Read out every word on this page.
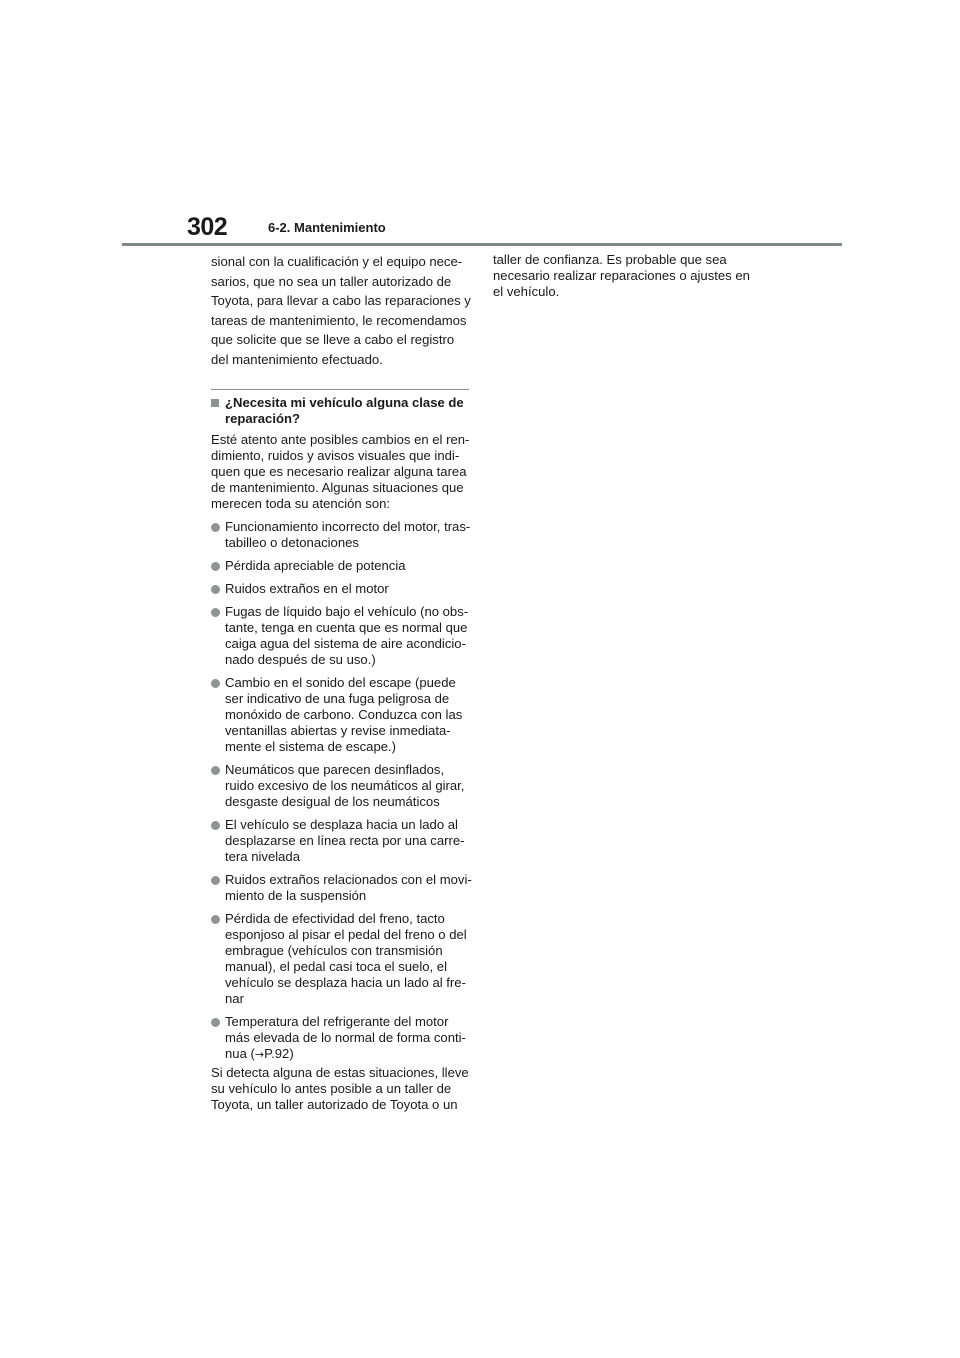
302	6-2. Mantenimiento
sional con la cualificación y el equipo nece-
sarios, que no sea un taller autorizado de
Toyota, para llevar a cabo las reparaciones y
tareas de mantenimiento, le recomendamos
que solicite que se lleve a cabo el registro
del mantenimiento efectuado.
¿Necesita mi vehículo alguna clase de
reparación?
Esté atento ante posibles cambios en el ren-
dimiento, ruidos y avisos visuales que indi-
quen que es necesario realizar alguna tarea
de mantenimiento. Algunas situaciones que
merecen toda su atención son:
Funcionamiento incorrecto del motor, tras-
tabilleo o detonaciones
Pérdida apreciable de potencia
Ruidos extraños en el motor
Fugas de líquido bajo el vehículo (no obs-
tante, tenga en cuenta que es normal que
caiga agua del sistema de aire acondicio-
nado después de su uso.)
Cambio en el sonido del escape (puede
ser indicativo de una fuga peligrosa de
monóxido de carbono. Conduzca con las
ventanillas abiertas y revise inmediata-
mente el sistema de escape.)
Neumáticos que parecen desinflados,
ruido excesivo de los neumáticos al girar,
desgaste desigual de los neumáticos
El vehículo se desplaza hacia un lado al
desplazarse en línea recta por una carre-
tera nivelada
Ruidos extraños relacionados con el movi-
miento de la suspensión
Pérdida de efectividad del freno, tacto
esponjoso al pisar el pedal del freno o del
embrague (vehículos con transmisión
manual), el pedal casi toca el suelo, el
vehículo se desplaza hacia un lado al fre-
nar
Temperatura del refrigerante del motor
más elevada de lo normal de forma conti-
nua (→P.92)
Si detecta alguna de estas situaciones, lleve
su vehículo lo antes posible a un taller de
Toyota, un taller autorizado de Toyota o un
taller de confianza. Es probable que sea
necesario realizar reparaciones o ajustes en
el vehículo.
